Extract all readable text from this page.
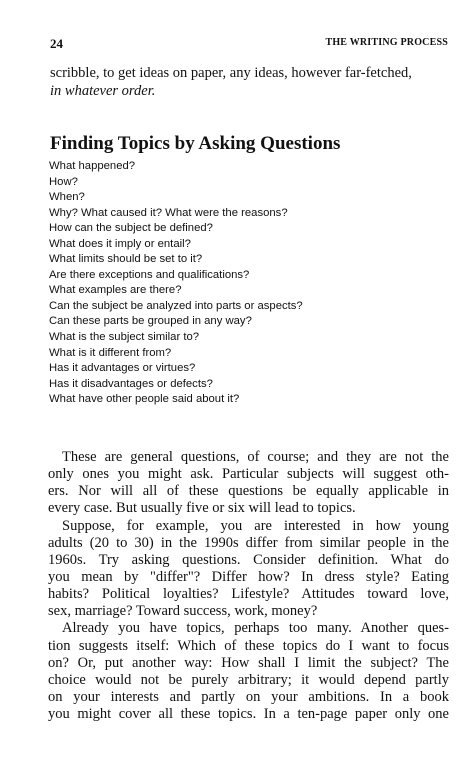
24	THE WRITING PROCESS
scribble, to get ideas on paper, any ideas, however far-fetched,
in whatever order.
Finding Topics by Asking Questions
What happened?
How?
When?
Why? What caused it? What were the reasons?
How can the subject be defined?
What does it imply or entail?
What limits should be set to it?
Are there exceptions and qualifications?
What examples are there?
Can the subject be analyzed into parts or aspects?
Can these parts be grouped in any way?
What is the subject similar to?
What is it different from?
Has it advantages or virtues?
Has it disadvantages or defects?
What have other people said about it?
These are general questions, of course; and they are not the
only ones you might ask. Particular subjects will suggest oth-
ers. Nor will all of these questions be equally applicable in
every case. But usually five or six will lead to topics.
Suppose, for example, you are interested in how young
adults (20 to 30) in the 1990s differ from similar people in the
1960s. Try asking questions. Consider definition. What do
you mean by "differ"? Differ how? In dress style? Eating
habits? Political loyalties? Lifestyle? Attitudes toward love,
sex, marriage? Toward success, work, money?
Already you have topics, perhaps too many. Another ques-
tion suggests itself: Which of these topics do I want to focus
on? Or, put another way: How shall I limit the subject? The
choice would not be purely arbitrary; it would depend partly
on your interests and partly on your ambitions. In a book
you might cover all these topics. In a ten-page paper only one
